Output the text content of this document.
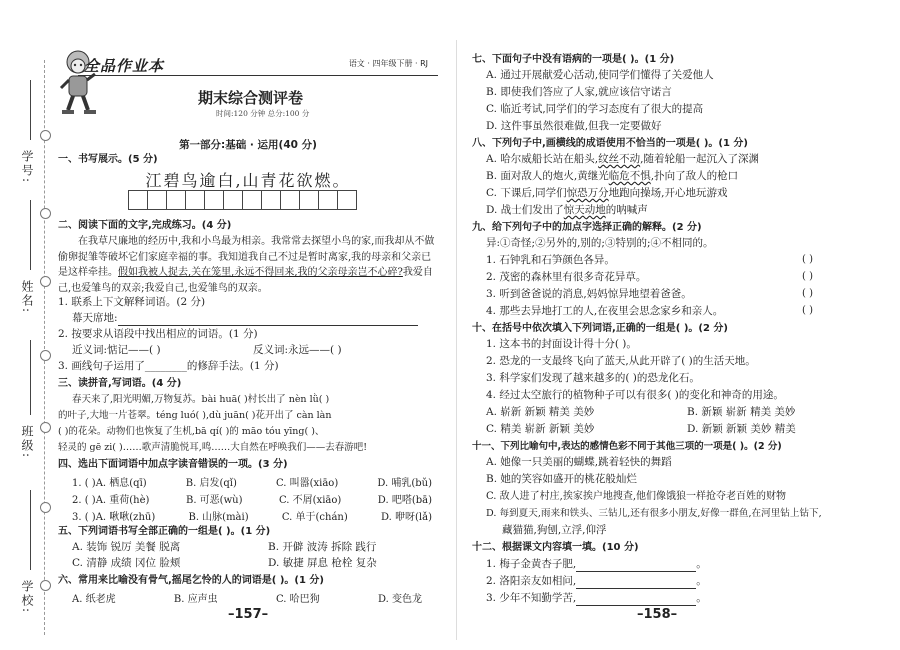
学号:
姓名:
班级:
学校:
全品作业本	语文 · 四年级下册 · RJ
期末综合测评卷
时间:120 分钟 总分:100 分
第一部分:基础 · 运用(40 分)
一、书写展示。(5 分)
江碧鸟逾白,山青花欲燃。
二、阅读下面的文字,完成练习。(4 分)
在我草尺廉地的经历中,我和小鸟最为相亲。我常常去探望小鸟的家,而我却从不做偷卵捉雏等破坏它们家庭幸福的事。我知道我自己不过是暂时离家,我的母亲和父亲已是这样牵挂。假如我被人捉去,关在笼里,永远不得回来,我的父亲母亲岂不心碎?我爱自己,也爱雏鸟的双亲;我爱自己,也爱雏鸟的双亲。
1. 联系上下文解释词语。(2 分)
幕天席地:
2. 按要求从语段中找出相应的词语。(1 分)
近义词:惦记——( )	反义词:永远——( )
3. 画线句子运用了________的修辞手法。(1 分)
三、读拼音,写词语。(4 分)
春天来了,阳光明媚,万物复苏。bài huā( )村长出了 nèn lǜ( )
的叶子,大地一片苍翠。téng luó( ),dù juān( )花开出了 càn làn
( )的花朵。动物们也恢复了生机,bā qí( )的 māo tóu yīng( )、
轻灵的 gē zi( )……歌声清脆悦耳,鸣……大自然在呼唤我们——去春游吧!
四、选出下面词语中加点字读音错误的一项。(3 分)
1. ( )A. 栖息(qī)	B. 启发(qǐ)	C. 叫嚣(xiāo)	D. 哺乳(bǔ)
2. ( )A. 重荷(hè)	B. 可恶(wù)	C. 不屑(xiāo)	D. 吧嗒(bā)
3. ( )A. 啾啾(zhū)	B. 山脉(mài)	C. 单于(chán)	D. 咿呀(lǎ)
五、下列词语书写全部正确的一组是( )。(1 分)
A. 装饰 锐厉 美餐 脱离	B. 开僻 波涛 拆除 践行
C. 清静 成绩 冈位 脸颊	D. 敏捷 屏息 枪栓 复杂
六、常用来比喻没有骨气,摇尾乞怜的人的词语是( )。(1 分)
A. 纸老虎	B. 应声虫	C. 哈巴狗	D. 变色龙
–157–
七、下面句子中没有语病的一项是( )。(1 分)
A. 通过开展献爱心活动,使同学们懂得了关爱他人
B. 即使我们答应了人家,就应该信守诺言
C. 临近考试,同学们的学习态度有了很大的提高
D. 这件事虽然很难做,但我一定要做好
八、下列句子中,画横线的成语使用不恰当的一项是( )。(1 分)
A. 哈尔威船长站在船头,纹丝不动,随着轮船一起沉入了深渊
B. 面对敌人的炮火,黄继光临危不惧,扑向了敌人的枪口
C. 下课后,同学们惊恐万分地跑向操场,开心地玩游戏
D. 战士们发出了惊天动地的呐喊声
九、给下列句子中的加点字选择正确的解释。(2 分)
异:①奇怪;②另外的,别的;③特别的;④不相同的。
1. 石钟乳和石笋颜色各异。	( )
2. 茂密的森林里有很多奇花异草。	( )
3. 听到爸爸说的消息,妈妈惊异地望着爸爸。	( )
4. 那些去异地打工的人,在夜里会思念家乡和亲人。	( )
十、在括号中依次填入下列词语,正确的一组是( )。(2 分)
1. 这本书的封面设计得十分( )。
2. 恐龙的一支最终飞向了蓝天,从此开辟了( )的生活天地。
3. 科学家们发现了越来越多的( )的恐龙化石。
4. 经过太空旅行的植物种子可以有很多( )的变化和神奇的用途。
A. 崭新 新颖 精美 美妙	B. 新颖 崭新 精美 美妙
C. 精美 崭新 新颖 美妙	D. 新颖 新颖 美妙 精美
十一、下列比喻句中,表达的感情色彩不同于其他三项的一项是( )。(2 分)
A. 她像一只美丽的蝴蝶,跳着轻快的舞蹈
B. 她的笑容如盛开的桃花般灿烂
C. 敌人进了村庄,挨家挨户地搜查,他们像饿狼一样抢夺老百姓的财物
D. 每到夏天,雨来和铁头、三钻儿,还有很多小朋友,好像一群鱼,在河里钻上钻下,
藏猫猫,狗刨,立浮,仰浮
十二、根据课文内容填一填。(10 分)
1. 梅子金黄杏子肥,	。
2. 洛阳亲友如相问,	。
3. 少年不知勤学苦,	。
–158–
